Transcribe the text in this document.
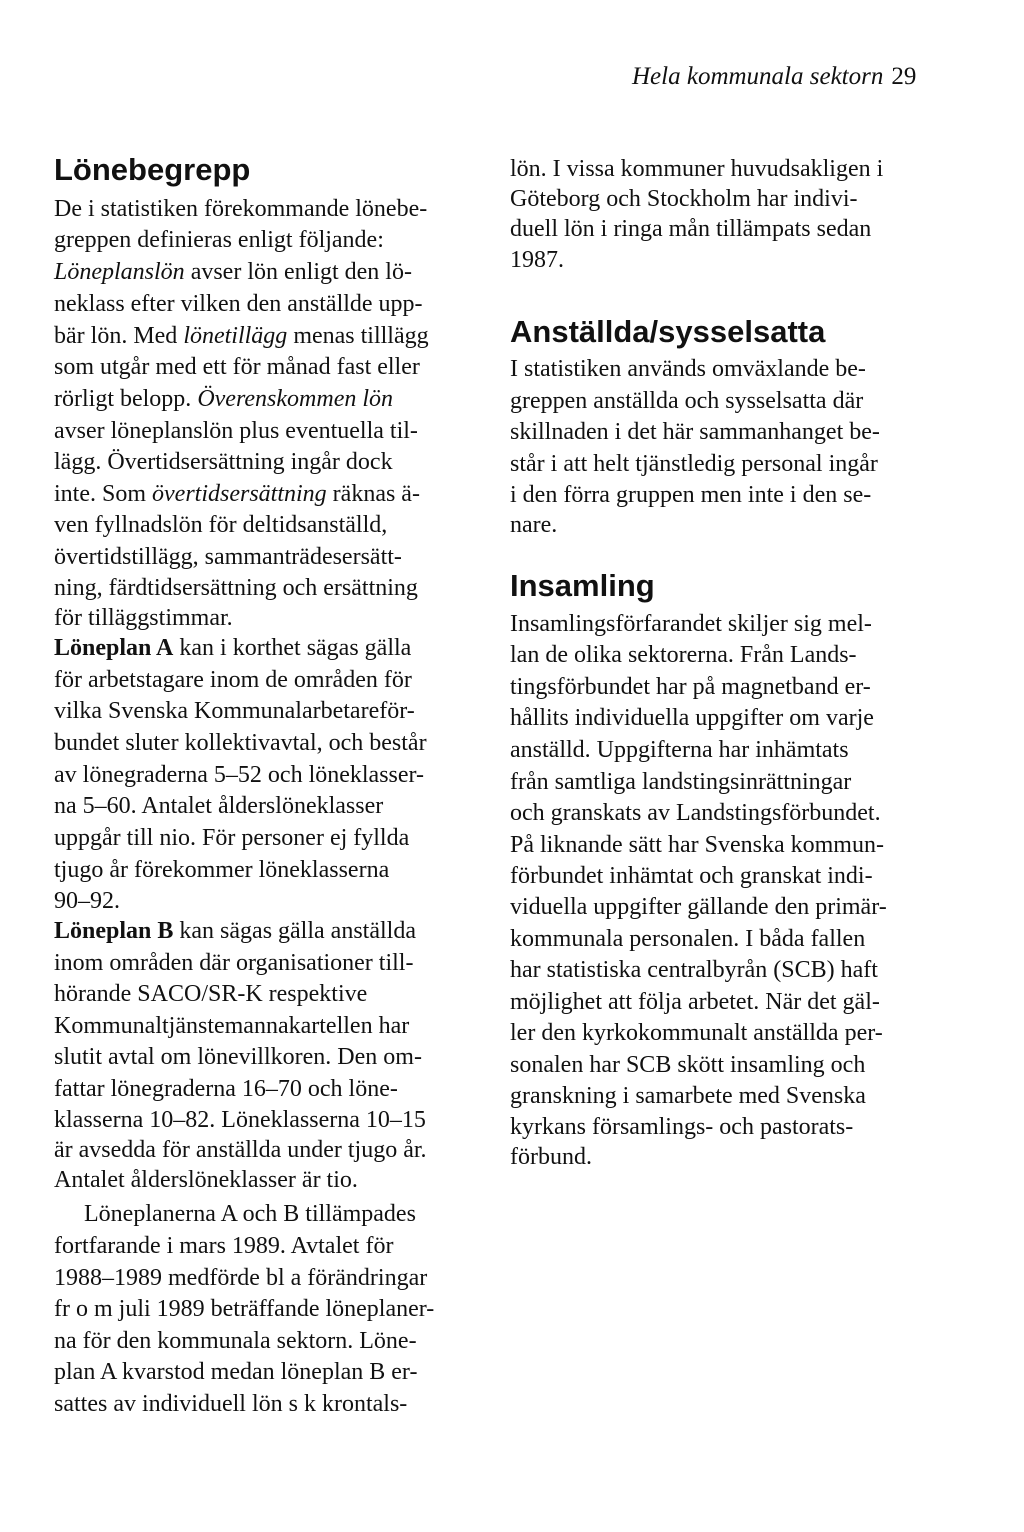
Hela kommunala sektorn 29
Lönebegrepp
De i statistiken förekommande lönebe-
greppen definieras enligt följande:
Löneplanslön avser lön enligt den lö-
neklass efter vilken den anställde upp-
bär lön. Med lönetillägg menas tilllägg
som utgår med ett för månad fast eller
rörligt belopp. Överenskommen lön
avser löneplanslön plus eventuella til-
lägg. Övertidsersättning ingår dock
inte. Som övertidsersättning räknas ä-
ven fyllnadslön för deltidsanställd,
övertidstillägg, sammanträdesersätt-
ning, färdtidsersättning och ersättning
för tilläggstimmar.
Löneplan A kan i korthet sägas gälla
för arbetstagare inom de områden för
vilka Svenska Kommunalarbetareför-
bundet sluter kollektivavtal, och består
av lönegraderna 5–52 och löneklasser-
na 5–60. Antalet ålderslöneklasser
uppgår till nio. För personer ej fyllda
tjugo år förekommer löneklasserna
90–92.
Löneplan B kan sägas gälla anställda
inom områden där organisationer till-
hörande SACO/SR-K respektive
Kommunaltjänstemannakartellen har
slutit avtal om lönevillkoren. Den om-
fattar lönegraderna 16–70 och löne-
klasserna 10–82. Löneklasserna 10–15
är avsedda för anställda under tjugo år.
Antalet ålderslöneklasser är tio.
Löneplanerna A och B tillämpades
fortfarande i mars 1989. Avtalet för
1988–1989 medförde bl a förändringar
fr o m juli 1989 beträffande löneplaner-
na för den kommunala sektorn. Löne-
plan A kvarstod medan löneplan B er-
sattes av individuell lön s k krontals-
lön. I vissa kommuner huvudsakligen i
Göteborg och Stockholm har indivi-
duell lön i ringa mån tillämpats sedan
1987.
Anställda/sysselsatta
I statistiken används omväxlande be-
greppen anställda och sysselsatta där
skillnaden i det här sammanhanget be-
står i att helt tjänstledig personal ingår
i den förra gruppen men inte i den se-
nare.
Insamling
Insamlingsförfarandet skiljer sig mel-
lan de olika sektorerna. Från Lands-
tingsförbundet har på magnetband er-
hållits individuella uppgifter om varje
anställd. Uppgifterna har inhämtats
från samtliga landstingsinrättningar
och granskats av Landstingsförbundet.
På liknande sätt har Svenska kommun-
förbundet inhämtat och granskat indi-
viduella uppgifter gällande den primär-
kommunala personalen. I båda fallen
har statistiska centralbyrån (SCB) haft
möjlighet att följa arbetet. När det gäl-
ler den kyrkokommunalt anställda per-
sonalen har SCB skött insamling och
granskning i samarbete med Svenska
kyrkans församlings- och pastorats-
förbund.
